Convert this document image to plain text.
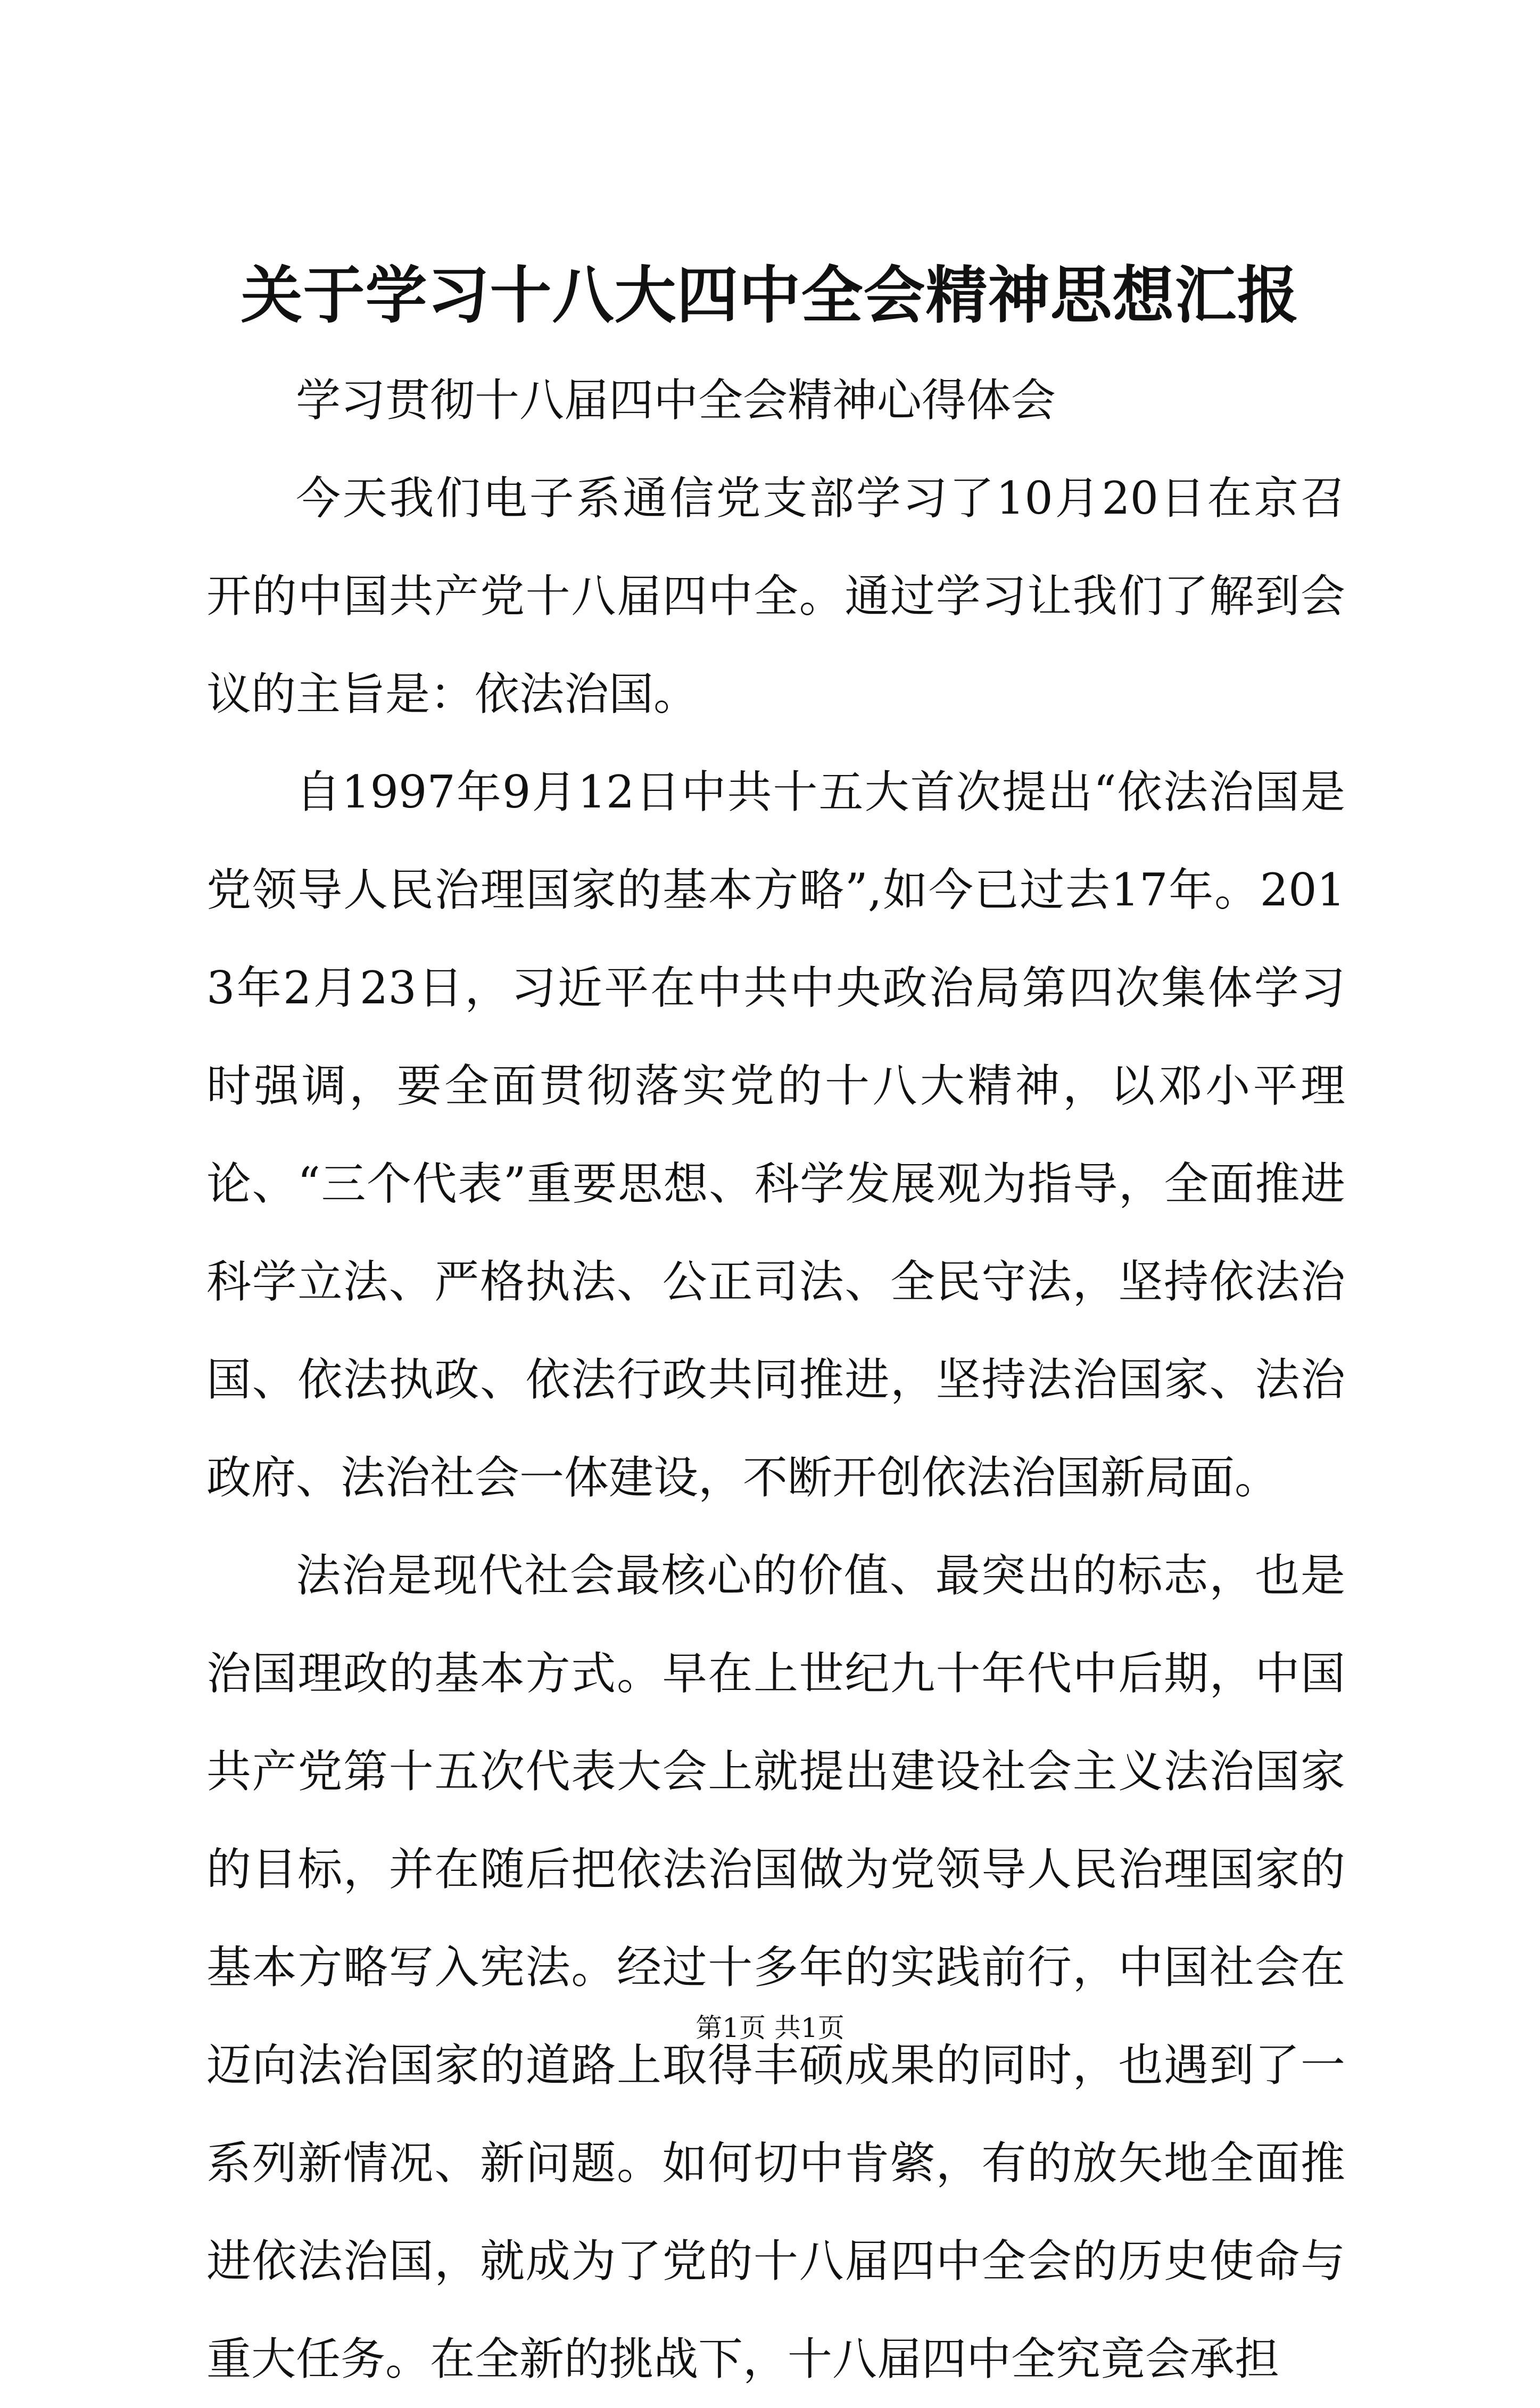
关于学习十八大四中全会精神思想汇报

学习贯彻十八届四中全会精神心得体会

今天我们电子系通信党支部学习了10月20日在京召开的中国共产党十八届四中全。通过学习让我们了解到会议的主旨是：依法治国。

自1997年9月12日中共十五大首次提出“依法治国是党领导人民治理国家的基本方略”,如今已过去17年。2013年2月23日，习近平在中共中央政治局第四次集体学习时强调，要全面贯彻落实党的十八大精神，以邓小平理论、“三个代表”重要思想、科学发展观为指导，全面推进科学立法、严格执法、公正司法、全民守法，坚持依法治国、依法执政、依法行政共同推进，坚持法治国家、法治政府、法治社会一体建设，不断开创依法治国新局面。

法治是现代社会最核心的价值、最突出的标志，也是治国理政的基本方式。早在上世纪九十年代中后期，中国共产党第十五次代表大会上就提出建设社会主义法治国家的目标，并在随后把依法治国做为党领导人民治理国家的基本方略写入宪法。经过十多年的实践前行，中国社会在迈向法治国家的道路上取得丰硕成果的同时，也遇到了一系列新情况、新问题。如何切中肯綮，有的放矢地全面推进依法治国，就成为了党的十八届四中全会的历史使命与重大任务。在全新的挑战下，十八届四中全究竟会承担

第1页 共1页
